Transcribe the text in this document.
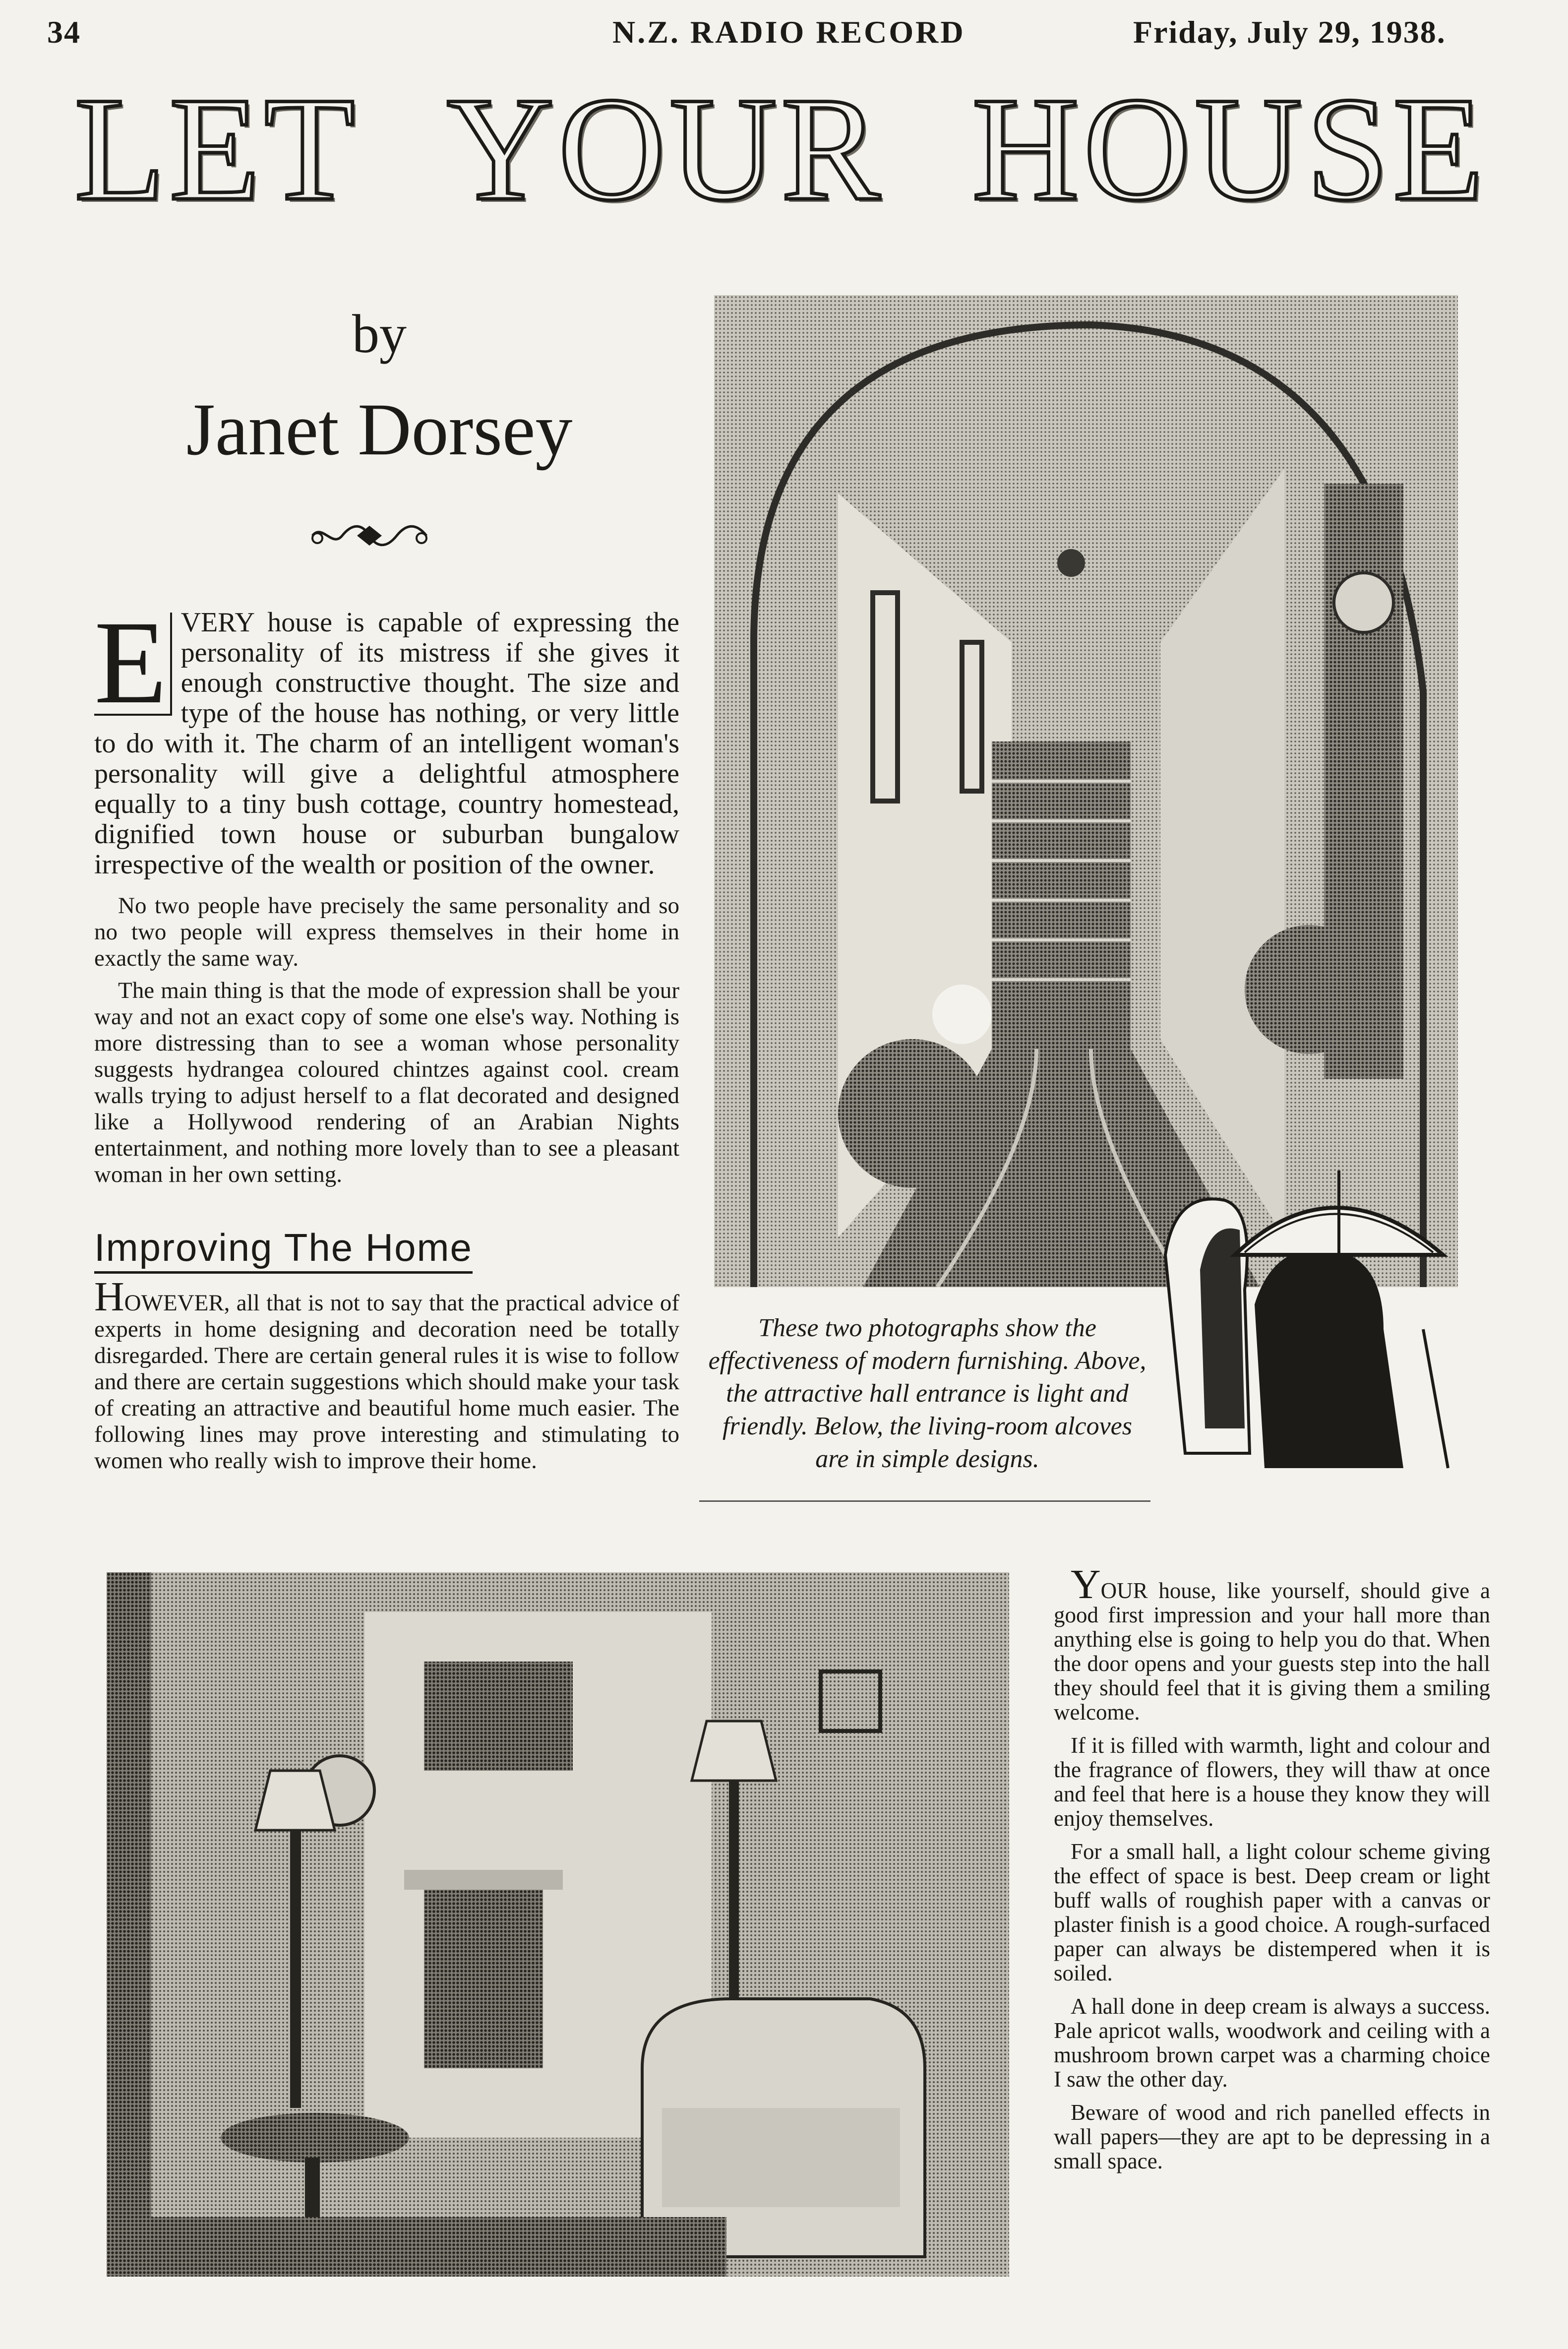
34	N.Z. RADIO RECORD	Friday, July 29, 1938.
LET YOUR HOUSE
by
Janet Dorsey
E VERY house is capable of expressing the personality of its mistress if she gives it enough constructive thought. The size and type of the house has nothing, or very little to do with it. The charm of an intelligent woman's personality will give a delightful atmosphere equally to a tiny bush cottage, country homestead, dignified town house or suburban bungalow irrespective of the wealth or position of the owner.

No two people have precisely the same personality and so no two people will express themselves in their home in exactly the same way.

The main thing is that the mode of expression shall be your way and not an exact copy of some one else's way. Nothing is more distressing than to see a woman whose personality suggests hydrangea coloured chintzes against cool. cream walls trying to adjust herself to a flat decorated and designed like a Hollywood rendering of an Arabian Nights entertainment, and nothing more lovely than to see a pleasant woman in her own setting.

Improving The Home

HOWEVER, all that is not to say that the practical advice of experts in home designing and decoration need be totally disregarded. There are certain general rules it is wise to follow and there are certain suggestions which should make your task of creating an attractive and beautiful home much easier. The following lines may prove interesting and stimulating to women who really wish to improve their home.

These two photographs show the effectiveness of modern furnishing. Above, the attractive hall entrance is light and friendly. Below, the living-room alcoves are in simple designs.

YOUR house, like yourself, should give a good first impression and your hall more than anything else is going to help you do that. When the door opens and your guests step into the hall they should feel that it is giving them a smiling welcome.

If it is filled with warmth, light and colour and the fragrance of flowers, they will thaw at once and feel that here is a house they know they will enjoy themselves.

For a small hall, a light colour scheme giving the effect of space is best. Deep cream or light buff walls of roughish paper with a canvas or plaster finish is a good choice. A rough-surfaced paper can always be distempered when it is soiled.

A hall done in deep cream is always a success. Pale apricot walls, woodwork and ceiling with a mushroom brown carpet was a charming choice I saw the other day.

Beware of wood and rich panelled effects in wall papers—they are apt to be depressing in a small space.
